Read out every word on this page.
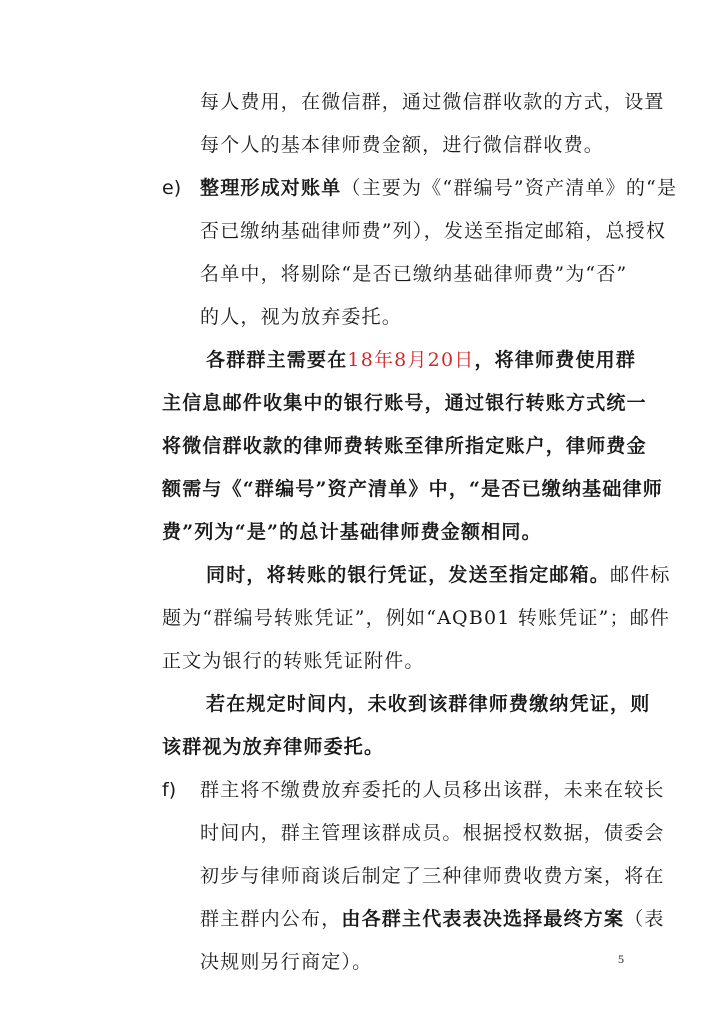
每人费用，在微信群，通过微信群收款的方式，设置
每个人的基本律师费金额，进行微信群收费。
e) 整理形成对账单（主要为《“群编号”资产清单》的“是
否已缴纳基础律师费”列），发送至指定邮箱，总授权
名单中，将剔除“是否已缴纳基础律师费”为“否”
的人，视为放弃委托。
各群群主需要在18年8月20日，将律师费使用群
主信息邮件收集中的银行账号，通过银行转账方式统一
将微信群收款的律师费转账至律所指定账户，律师费金
额需与《“群编号”资产清单》中，“是否已缴纳基础律师
费”列为“是”的总计基础律师费金额相同。
同时，将转账的银行凭证，发送至指定邮箱。邮件标
题为“群编号转账凭证”，例如“AQB01 转账凭证”；邮件
正文为银行的转账凭证附件。
若在规定时间内，未收到该群律师费缴纳凭证，则
该群视为放弃律师委托。
f) 群主将不缴费放弃委托的人员移出该群，未来在较长
时间内，群主管理该群成员。根据授权数据，债委会
初步与律师商谈后制定了三种律师费收费方案，将在
群主群内公布，由各群主代表表决选择最终方案（表
决规则另行商定）。	5
